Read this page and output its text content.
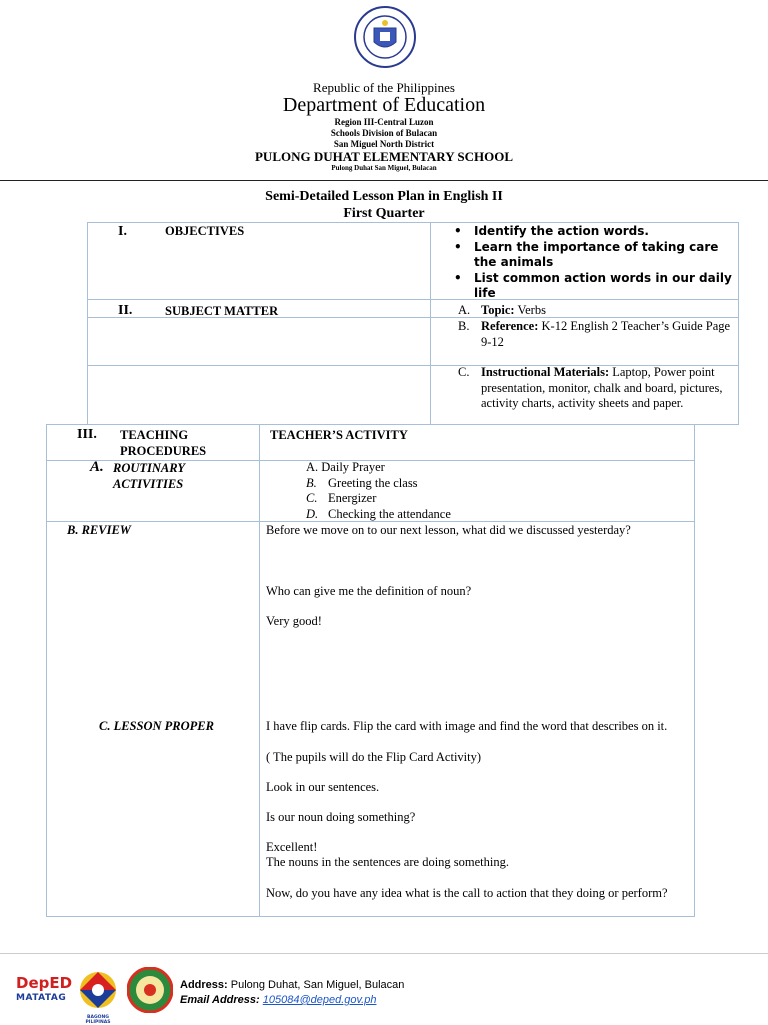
Republic of the Philippines
Department of Education
Region III-Central Luzon
Schools Division of Bulacan
San Miguel North District
PULONG DUHAT ELEMENTARY SCHOOL
Pulong Duhat San Miguel, Bulacan
Semi-Detailed Lesson Plan in English II
First Quarter
I.	OBJECTIVES
•	Identify the action words.
• Learn the importance of taking care the animals
• List common action words in our daily life
II.	SUBJECT MATTER	A. Topic: Verbs
B. Reference: K-12 English 2 Teacher’s Guide Page 9-12
C. Instructional Materials: Laptop, Power point presentation, monitor, chalk and board, pictures, activity charts, activity sheets and paper.
III. TEACHING PROCEDURES
TEACHER’S ACTIVITY
A. ROUTINARY ACTIVITIES
A. Daily Prayer
B. Greeting the class
C. Energizer
D. Checking the attendance
B. REVIEW	Before we move on to our next lesson, what did we discussed yesterday?
Who can give me the definition of noun?
Very good!
C. LESSON PROPER	I have flip cards. Flip the card with image and find the word that describes on it.
( The pupils will do the Flip Card Activity)
Look in our sentences.
Is our noun doing something?
Excellent!
The nouns in the sentences are doing something.
Now, do you have any idea what is the call to action that they doing or perform?
DepED
MATATAG
BAGONG PILIPINAS
Address: Pulong Duhat, San Miguel, Bulacan
Email Address: 105084@deped.gov.ph
